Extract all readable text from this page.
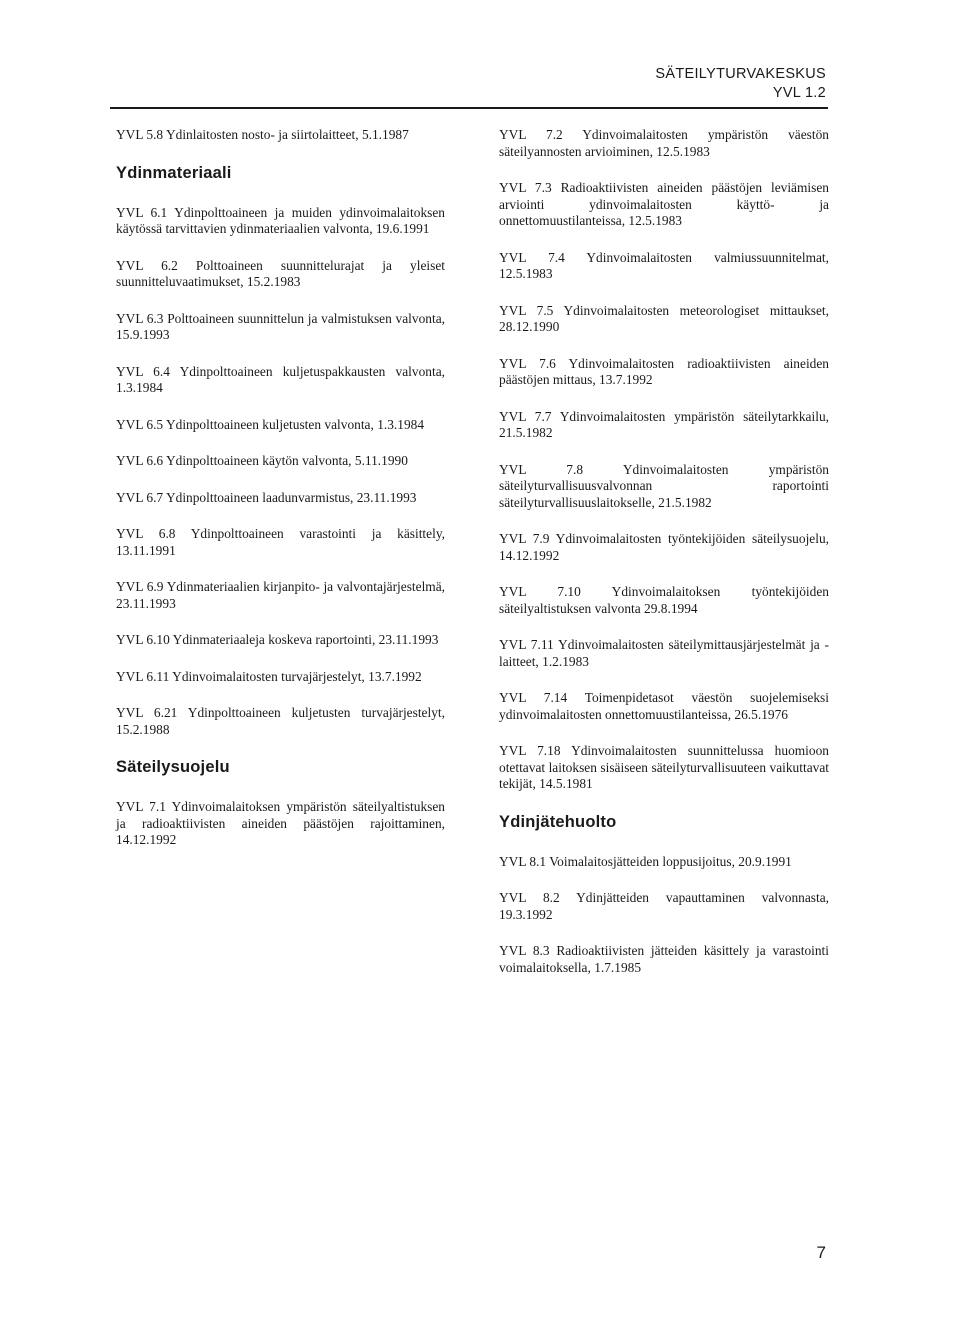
SÄTEILYTURVAKESKUS
YVL 1.2
YVL 5.8 Ydinlaitosten nosto- ja siirtolaitteet, 5.1.1987
Ydinmateriaali
YVL 6.1 Ydinpolttoaineen ja muiden ydinvoimalaitoksen käytössä tarvittavien ydinmateriaalien valvonta, 19.6.1991
YVL 6.2 Polttoaineen suunnittelurajat ja yleiset suunnitteluvaatimukset, 15.2.1983
YVL 6.3 Polttoaineen suunnittelun ja valmistuksen valvonta, 15.9.1993
YVL 6.4 Ydinpolttoaineen kuljetuspakkausten valvonta, 1.3.1984
YVL 6.5 Ydinpolttoaineen kuljetusten valvonta, 1.3.1984
YVL 6.6 Ydinpolttoaineen käytön valvonta, 5.11.1990
YVL 6.7 Ydinpolttoaineen laadunvarmistus, 23.11.1993
YVL 6.8 Ydinpolttoaineen varastointi ja käsittely, 13.11.1991
YVL 6.9 Ydinmateriaalien kirjanpito- ja valvontajärjestelmä, 23.11.1993
YVL 6.10 Ydinmateriaaleja koskeva raportointi, 23.11.1993
YVL 6.11 Ydinvoimalaitosten turvajärjestelyt, 13.7.1992
YVL 6.21 Ydinpolttoaineen kuljetusten turvajärjestelyt, 15.2.1988
Säteilysuojelu
YVL 7.1 Ydinvoimalaitoksen ympäristön säteilyaltistuksen ja radioaktiivisten aineiden päästöjen rajoittaminen, 14.12.1992
YVL 7.2 Ydinvoimalaitosten ympäristön väestön säteilyannosten arvioiminen, 12.5.1983
YVL 7.3 Radioaktiivisten aineiden päästöjen leviämisen arviointi ydinvoimalaitosten käyttö- ja onnettomuustilanteissa, 12.5.1983
YVL 7.4 Ydinvoimalaitosten valmiussuunnitelmat, 12.5.1983
YVL 7.5 Ydinvoimalaitosten meteorologiset mittaukset, 28.12.1990
YVL 7.6 Ydinvoimalaitosten radioaktiivisten aineiden päästöjen mittaus, 13.7.1992
YVL 7.7 Ydinvoimalaitosten ympäristön säteilytarkkailu, 21.5.1982
YVL 7.8 Ydinvoimalaitosten ympäristön säteilyturvallisuusvalvonnan raportointi säteilyturvallisuuslaitokselle, 21.5.1982
YVL 7.9 Ydinvoimalaitosten työntekijöiden säteilysuojelu, 14.12.1992
YVL 7.10 Ydinvoimalaitoksen työntekijöiden säteilyaltistuksen valvonta 29.8.1994
YVL 7.11 Ydinvoimalaitosten säteilymittausjärjestelmät ja -laitteet, 1.2.1983
YVL 7.14 Toimenpidetasot väestön suojelemiseksi ydinvoimalaitosten onnettomuustilanteissa, 26.5.1976
YVL 7.18 Ydinvoimalaitosten suunnittelussa huomioon otettavat laitoksen sisäiseen säteilyturvallisuuteen vaikuttavat tekijät, 14.5.1981
Ydinjätehuolto
YVL 8.1 Voimalaitosjätteiden loppusijoitus, 20.9.1991
YVL 8.2 Ydinjätteiden vapauttaminen valvonnasta, 19.3.1992
YVL 8.3 Radioaktiivisten jätteiden käsittely ja varastointi voimalaitoksella, 1.7.1985
7
